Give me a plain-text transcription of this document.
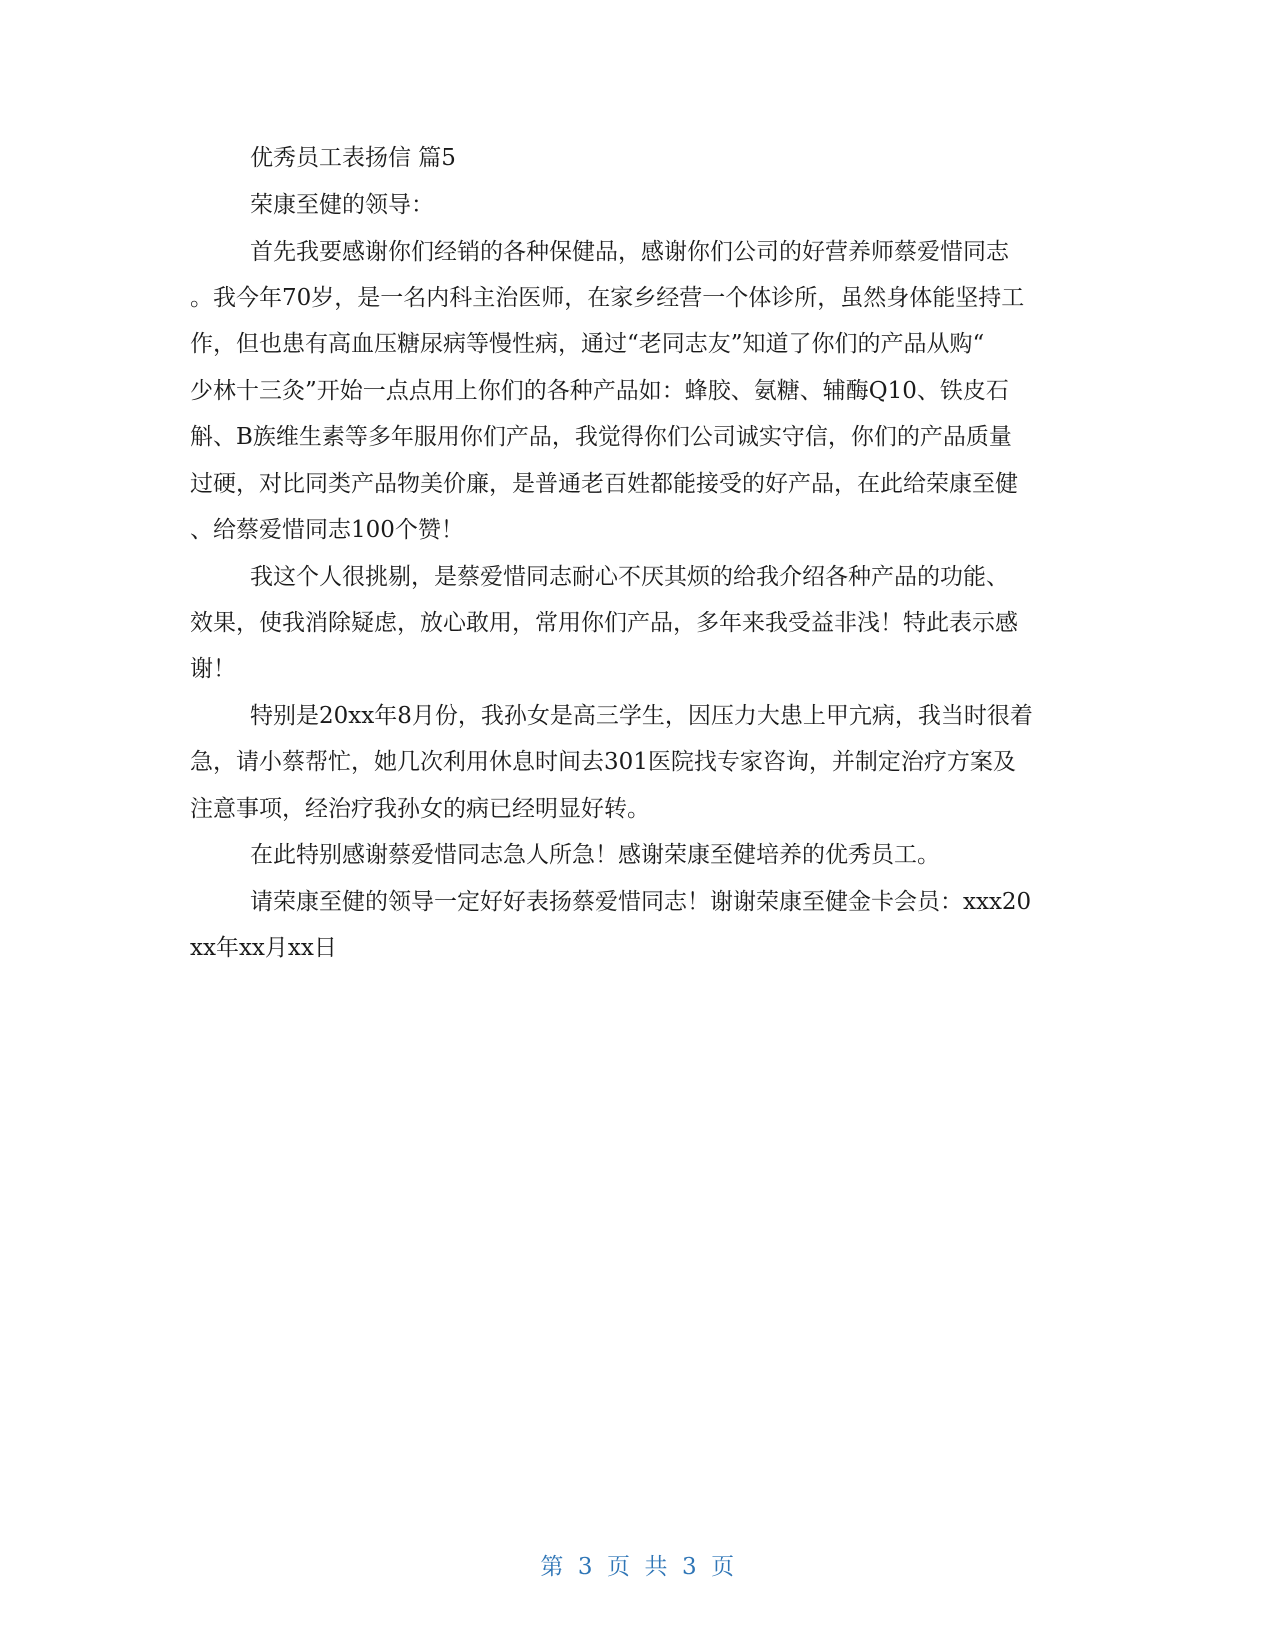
优秀员工表扬信 篇5
荣康至健的领导：
首先我要感谢你们经销的各种保健品，感谢你们公司的好营养师蔡爱惜同志
。我今年70岁，是一名内科主治医师，在家乡经营一个体诊所，虽然身体能坚持工
作，但也患有高血压糖尿病等慢性病，通过“老同志友”知道了你们的产品从购“
少林十三灸”开始一点点用上你们的各种产品如：蜂胶、氨糖、辅酶Q10、铁皮石
斛、B族维生素等多年服用你们产品，我觉得你们公司诚实守信，你们的产品质量
过硬，对比同类产品物美价廉，是普通老百姓都能接受的好产品，在此给荣康至健
、给蔡爱惜同志100个赞！
我这个人很挑剔，是蔡爱惜同志耐心不厌其烦的给我介绍各种产品的功能、
效果，使我消除疑虑，放心敢用，常用你们产品，多年来我受益非浅！特此表示感
谢！
特别是20xx年8月份，我孙女是高三学生，因压力大患上甲亢病，我当时很着
急，请小蔡帮忙，她几次利用休息时间去301医院找专家咨询，并制定治疗方案及
注意事项，经治疗我孙女的病已经明显好转。
在此特别感谢蔡爱惜同志急人所急！感谢荣康至健培养的优秀员工。
请荣康至健的领导一定好好表扬蔡爱惜同志！谢谢荣康至健金卡会员：xxx20
xx年xx月xx日
第 3 页 共 3 页
